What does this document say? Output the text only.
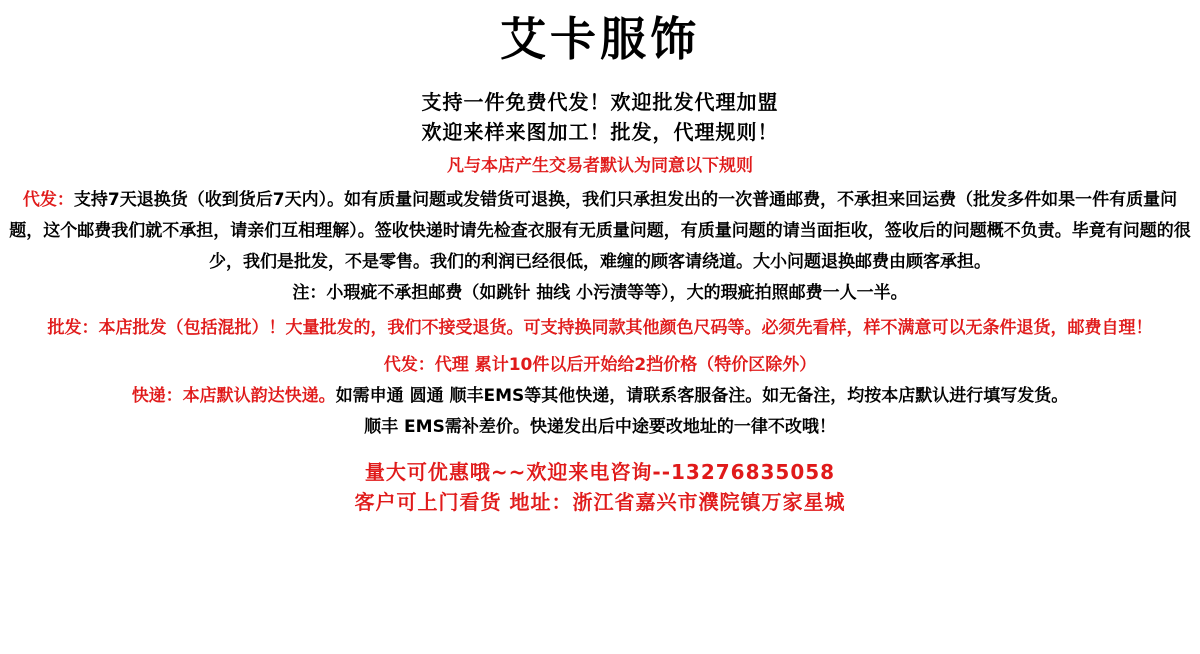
艾卡服饰

支持一件免费代发！欢迎批发代理加盟

欢迎来样来图加工！批发，代理规则！

凡与本店产生交易者默认为同意以下规则

代发：支持7天退换货（收到货后7天内）。如有质量问题或发错货可退换，我们只承担发出的一次普通邮费，不承担来回运费（批发多件如果一件有质量问题，这个邮费我们就不承担，请亲们互相理解）。签收快递时请先检查衣服有无质量问题，有质量问题的请当面拒收，签收后的问题概不负责。毕竟有问题的很少，我们是批发，不是零售。我们的利润已经很低，难缠的顾客请绕道。大小问题退换邮费由顾客承担。

注：小瑕疵不承担邮费（如跳针 抽线 小污渍等等），大的瑕疵拍照邮费一人一半。

批发：本店批发（包括混批）！大量批发的，我们不接受退货。可支持换同款其他颜色尺码等。必须先看样，样不满意可以无条件退货，邮费自理！

代发：代理 累计10件以后开始给2挡价格（特价区除外）

快递：本店默认韵达快递。如需申通 圆通 顺丰EMS等其他快递，请联系客服备注。如无备注，均按本店默认进行填写发货。

顺丰 EMS需补差价。快递发出后中途要改地址的一律不改哦！

量大可优惠哦~~欢迎来电咨询--13276835058

客户可上门看货 地址：浙江省嘉兴市濮院镇万家星城
